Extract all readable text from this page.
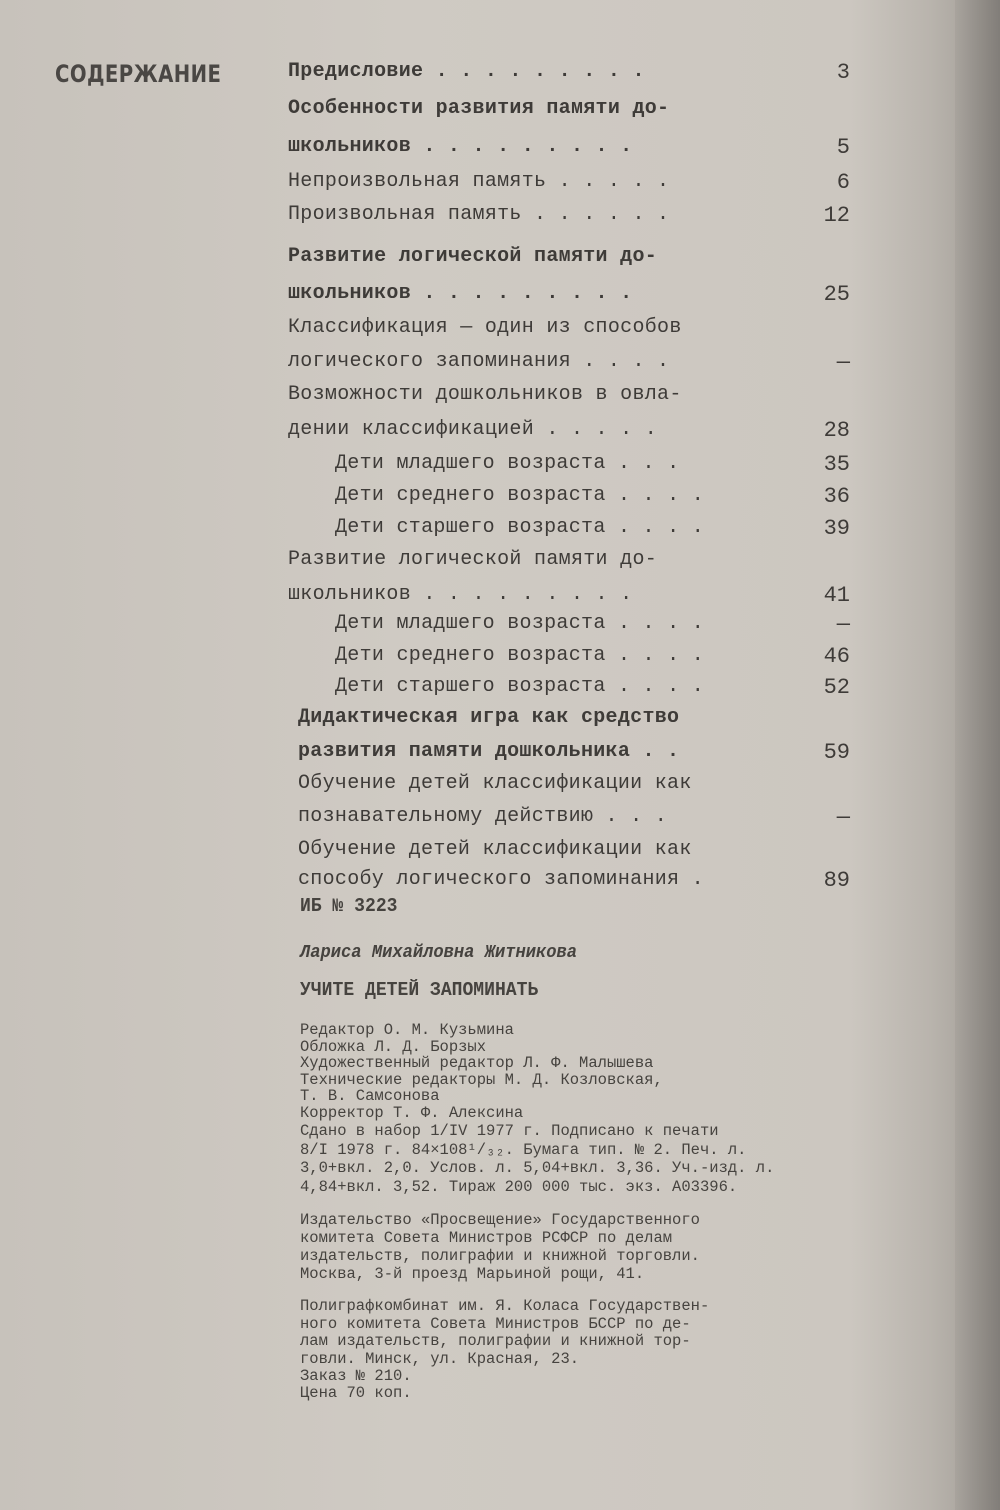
СОДЕРЖАНИЕ	Предисловие . . . . . . . . .	3
Особенности развития памяти до-
школьников . . . . . . . . .	5
Непроизвольная память . . . . .	6
Произвольная память . . . . . .	12
Развитие логической памяти до-
школьников . . . . . . . . .	25
Классификация — один из способов
логического запоминания . . . .	—
Возможности дошкольников в овла-
дении классификацией . . . . .	28
Дети младшего возраста . . .	35
Дети среднего возраста . . . .	36
Дети старшего возраста . . . .	39
Развитие логической памяти до-
школьников . . . . . . . . .	41
Дети младшего возраста . . . .	—
Дети среднего возраста . . . .	46
Дети старшего возраста . . . .	52
Дидактическая игра как средство
развития памяти дошкольника . .	59
Обучение детей классификации как
познавательному действию . . .	—
Обучение детей классификации как
способу логического запоминания .	89
ИБ № 3223
Лариса Михайловна Житникова
УЧИТЕ ДЕТЕЙ ЗАПОМИНАТЬ
Редактор О. М. Кузьмина
Обложка Л. Д. Борзых
Художественный редактор Л. Ф. Малышева
Технические редакторы М. Д. Козловская,
Т. В. Самсонова
Корректор Т. Ф. Алексина
Сдано в набор 1/IV 1977 г. Подписано к печати
8/I 1978 г. 84×108¹/₃₂. Бумага тип. № 2. Печ. л.
3,0+вкл. 2,0. Услов. л. 5,04+вкл. 3,36. Уч.-изд. л.
4,84+вкл. 3,52. Тираж 200 000 тыс. экз. А03396.
Издательство «Просвещение» Государственного
комитета Совета Министров РСФСР по делам
издательств, полиграфии и книжной торговли.
Москва, 3-й проезд Марьиной рощи, 41.
Полиграфкомбинат им. Я. Коласа Государствен-
ного комитета Совета Министров БССР по де-
лам издательств, полиграфии и книжной тор-
говли. Минск, ул. Красная, 23.
Заказ № 210.
Цена 70 коп.
